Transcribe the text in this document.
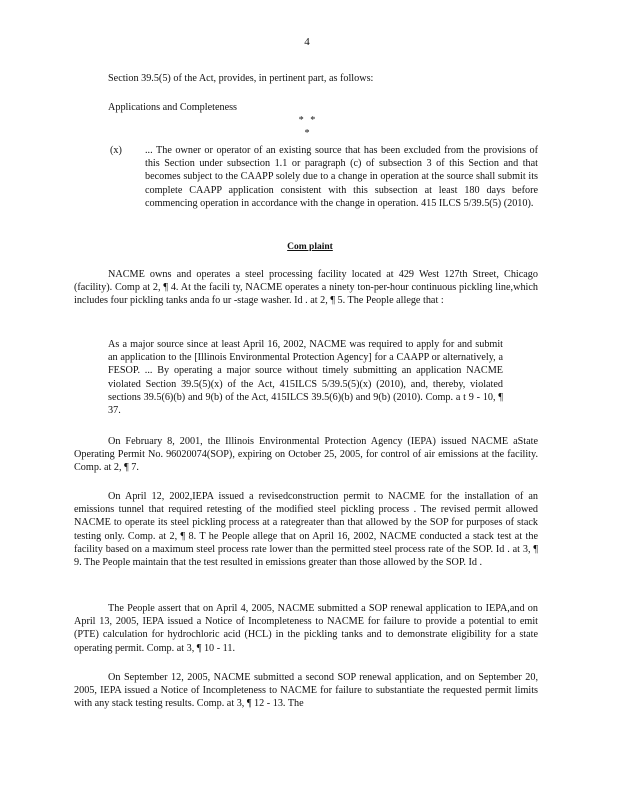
4
Section 39.5(5) of the Act, provides, in pertinent part, as follows:
Applications and Completeness
* * *
(x) ... The owner or operator of an existing source that has been excluded from the provisions of this Section under subsection 1.1 or paragraph (c) of subsection 3 of this Section and that becomes subject to the CAAPP solely due to a change in operation at the source shall submit its complete CAAPP application consistent with this subsection at least 180 days before commencing operation in accordance with the change in operation. 415 ILCS 5/39.5(5) (2010).
Com plaint
NACME owns and operates a steel processing facility located at 429 West 127th Street, Chicago (facility). Comp at 2, ¶ 4. At the facili ty, NACME operates a ninety ton-per-hour continuous pickling line,which includes four pickling tanks anda fo ur -stage washer. Id . at 2, ¶ 5. The People allege that :
As a major source since at least April 16, 2002, NACME was required to apply for and submit an application to the [Illinois Environmental Protection Agency] for a CAAPP or alternatively, a FESOP. ... By operating a major source without timely submitting an application NACME violated Section 39.5(5)(x) of the Act, 415ILCS 5/39.5(5)(x) (2010), and, thereby, violated sections 39.5(6)(b) and 9(b) of the Act, 415ILCS 39.5(6)(b) and 9(b) (2010). Comp. a t 9 - 10, ¶ 37.
On February 8, 2001, the Illinois Environmental Protection Agency (IEPA) issued NACME aState Operating Permit No. 96020074(SOP), expiring on October 25, 2005, for control of air emissions at the facility. Comp. at 2, ¶ 7.
On April 12, 2002,IEPA issued a revisedconstruction permit to NACME for the installation of an emissions tunnel that required retesting of the modified steel pickling process . The revised permit allowed NACME to operate its steel pickling process at a rategreater than that allowed by the SOP for purposes of stack testing only. Comp. at 2, ¶ 8. T he People allege that on April 16, 2002, NACME conducted a stack test at the facility based on a maximum steel process rate lower than the permitted steel process rate of the SOP. Id . at 3, ¶ 9. The People maintain that the test resulted in emissions greater than those allowed by the SOP. Id .
The People assert that on April 4, 2005, NACME submitted a SOP renewal application to IEPA,and on April 13, 2005, IEPA issued a Notice of Incompleteness to NACME for failure to provide a potential to emit (PTE) calculation for hydrochloric acid (HCL) in the pickling tanks and to demonstrate eligibility for a state operating permit. Comp. at 3, ¶ 10 - 11.
On September 12, 2005, NACME submitted a second SOP renewal application, and on September 20, 2005, IEPA issued a Notice of Incompleteness to NACME for failure to substantiate the requested permit limits with any stack testing results. Comp. at 3, ¶ 12 - 13. The
